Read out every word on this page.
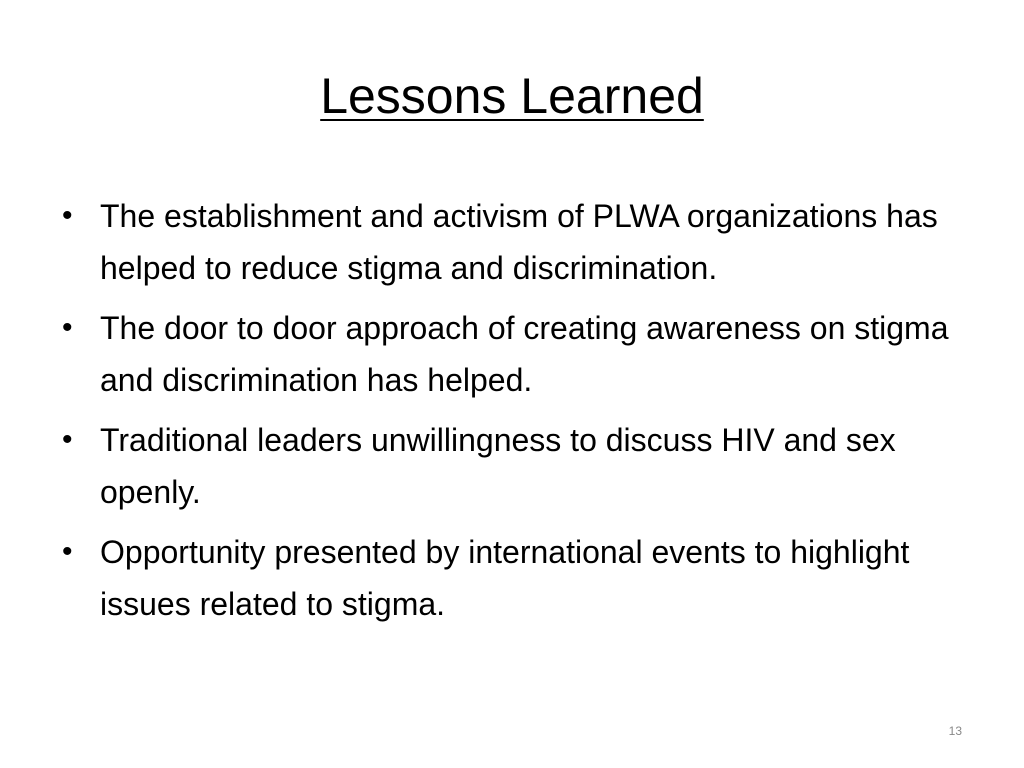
Lessons Learned
• The establishment and activism of PLWA organizations has helped to reduce stigma and discrimination.
• The door to door approach of creating awareness on stigma and discrimination has helped.
• Traditional leaders unwillingness to discuss HIV and sex openly.
• Opportunity presented by international events to highlight issues related to stigma.
13
